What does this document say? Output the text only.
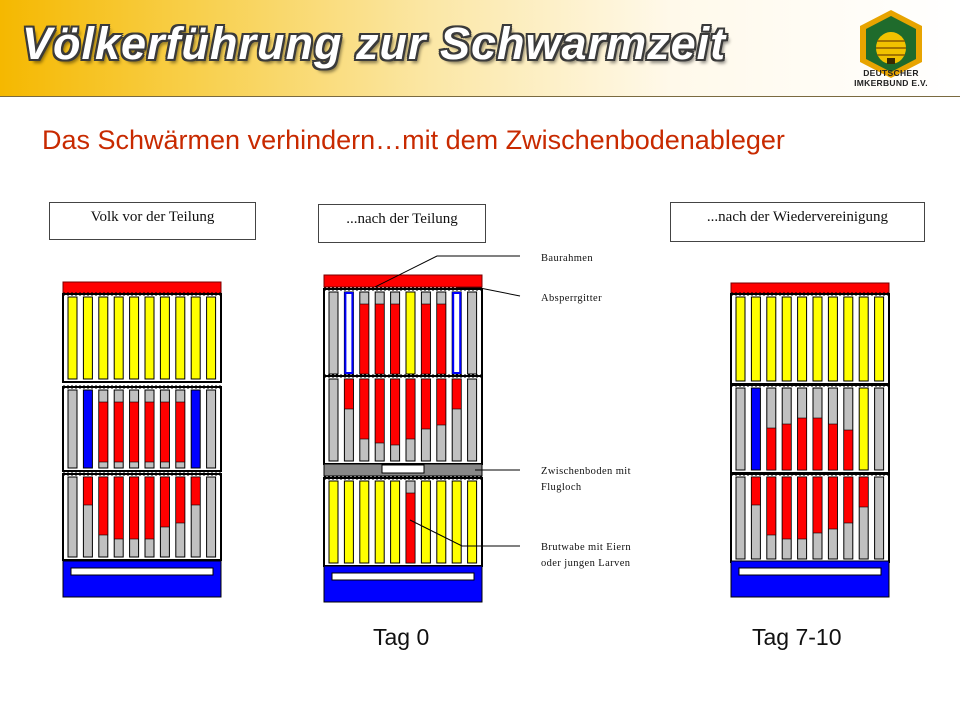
Völkerführung zur Schwarmzeit
DEUTSCHER
IMKERBUND E.V.
Das Schwärmen verhindern…mit dem Zwischenbodenableger
Volk vor der Teilung	...nach der Teilung	...nach der Wiedervereinigung
Baurahmen
Absperrgitter
Zwischenboden mit
Flugloch
Brutwabe mit Eiern
oder jungen Larven
Tag 0	Tag 7-10
